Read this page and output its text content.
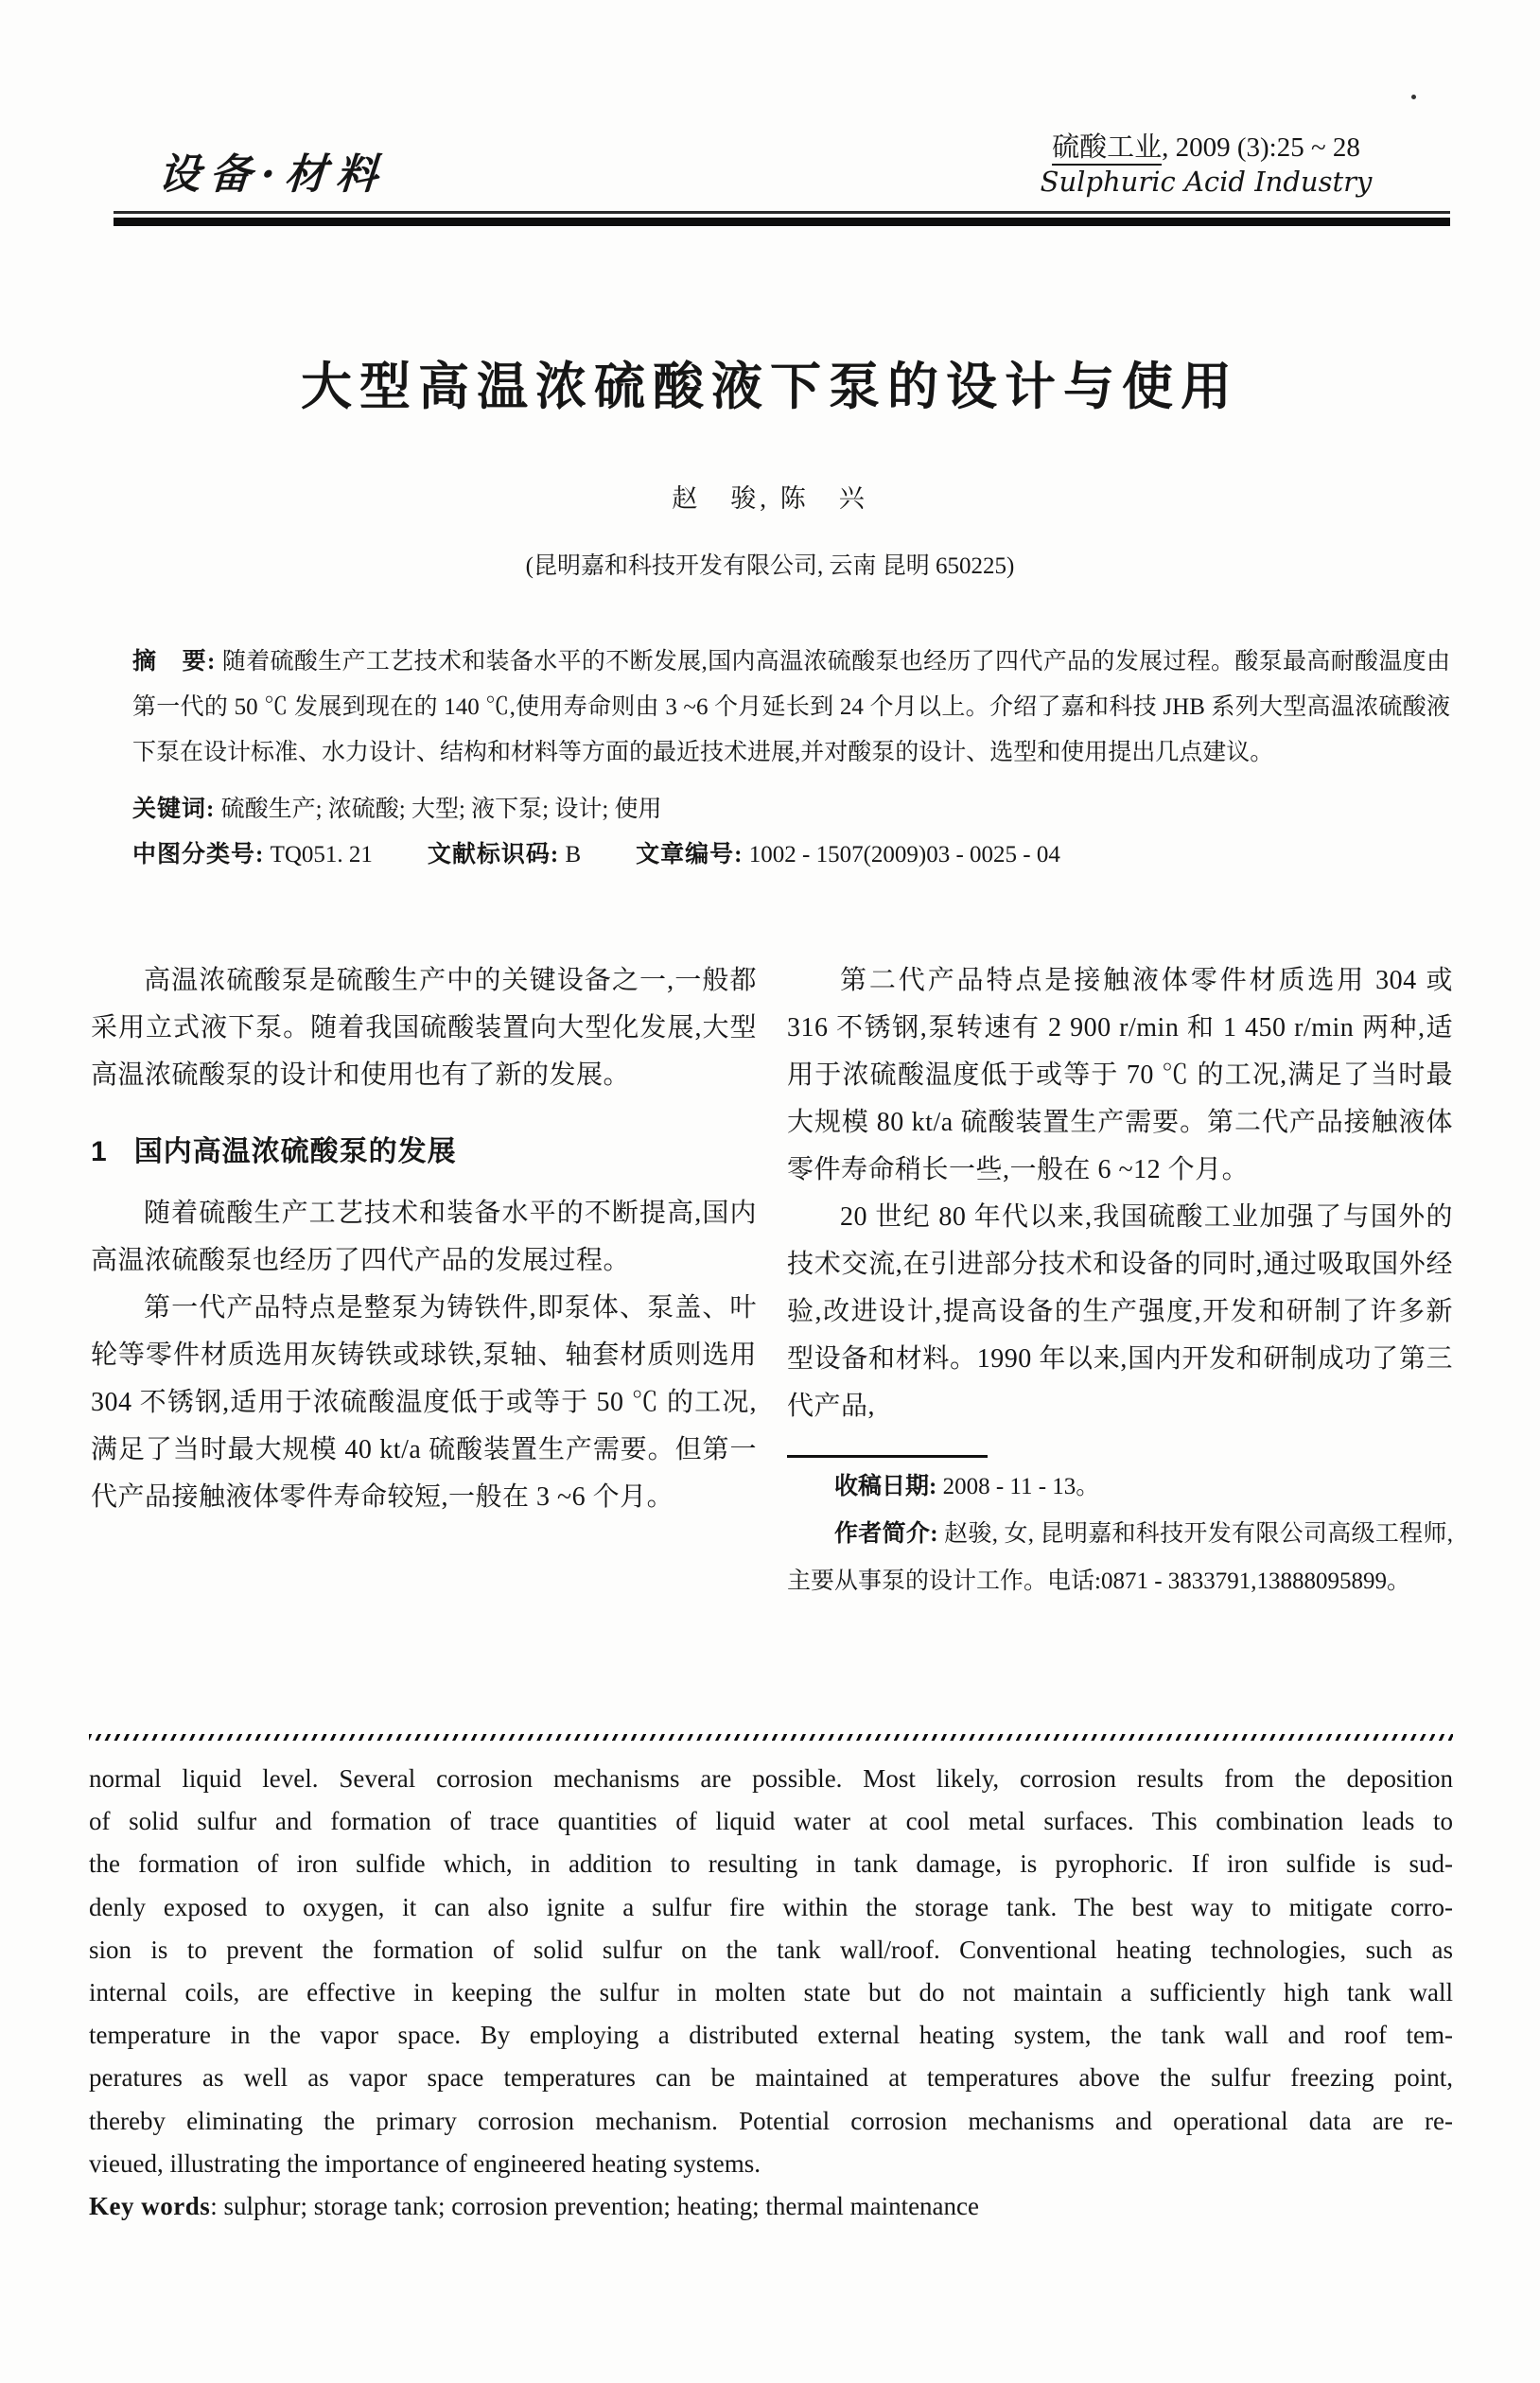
设备·材料
硫酸工业, 2009 (3):25 ~ 28
Sulphuric Acid Industry
大型高温浓硫酸液下泵的设计与使用
赵　骏, 陈　兴
(昆明嘉和科技开发有限公司, 云南 昆明 650225)

摘　要: 随着硫酸生产工艺技术和装备水平的不断发展,国内高温浓硫酸泵也经历了四代产品的发展过程。酸泵最高耐酸温度由第一代的 50 ℃ 发展到现在的 140 ℃,使用寿命则由 3 ~6 个月延长到 24 个月以上。介绍了嘉和科技 JHB 系列大型高温浓硫酸液下泵在设计标准、水力设计、结构和材料等方面的最近技术进展,并对酸泵的设计、选型和使用提出几点建议。

关键词: 硫酸生产; 浓硫酸; 大型; 液下泵; 设计; 使用

中图分类号: TQ051. 21 文献标识码: B 文章编号: 1002 - 1507(2009)03 - 0025 - 04

高温浓硫酸泵是硫酸生产中的关键设备之一,一般都采用立式液下泵。随着我国硫酸装置向大型化发展,大型高温浓硫酸泵的设计和使用也有了新的发展。

1 国内高温浓硫酸泵的发展

随着硫酸生产工艺技术和装备水平的不断提高,国内高温浓硫酸泵也经历了四代产品的发展过程。

第一代产品特点是整泵为铸铁件,即泵体、泵盖、叶轮等零件材质选用灰铸铁或球铁,泵轴、轴套材质则选用 304 不锈钢,适用于浓硫酸温度低于或等于 50 ℃ 的工况,满足了当时最大规模 40 kt/a 硫酸装置生产需要。但第一代产品接触液体零件寿命较短,一般在 3 ~6 个月。

第二代产品特点是接触液体零件材质选用 304 或 316 不锈钢,泵转速有 2 900 r/min 和 1 450 r/min 两种,适用于浓硫酸温度低于或等于 70 ℃ 的工况,满足了当时最大规模 80 kt/a 硫酸装置生产需要。第二代产品接触液体零件寿命稍长一些,一般在 6 ~12 个月。

20 世纪 80 年代以来,我国硫酸工业加强了与国外的技术交流,在引进部分技术和设备的同时,通过吸取国外经验,改进设计,提高设备的生产强度,开发和研制了许多新型设备和材料。1990 年以来,国内开发和研制成功了第三代产品,

收稿日期: 2008 - 11 - 13。

作者简介: 赵骏, 女, 昆明嘉和科技开发有限公司高级工程师,主要从事泵的设计工作。电话:0871 - 3833791,13888095899。

normal liquid level. Several corrosion mechanisms are possible. Most likely, corrosion results from the deposition
of solid sulfur and formation of trace quantities of liquid water at cool metal surfaces. This combination leads to
the formation of iron sulfide which, in addition to resulting in tank damage, is pyrophoric. If iron sulfide is sud-
denly exposed to oxygen, it can also ignite a sulfur fire within the storage tank. The best way to mitigate corro-
sion is to prevent the formation of solid sulfur on the tank wall/roof. Conventional heating technologies, such as
internal coils, are effective in keeping the sulfur in molten state but do not maintain a sufficiently high tank wall
temperature in the vapor space. By employing a distributed external heating system, the tank wall and roof tem-
peratures as well as vapor space temperatures can be maintained at temperatures above the sulfur freezing point,
thereby eliminating the primary corrosion mechanism. Potential corrosion mechanisms and operational data are re-
vieued, illustrating the importance of engineered heating systems.
Key words: sulphur; storage tank; corrosion prevention; heating; thermal maintenance
